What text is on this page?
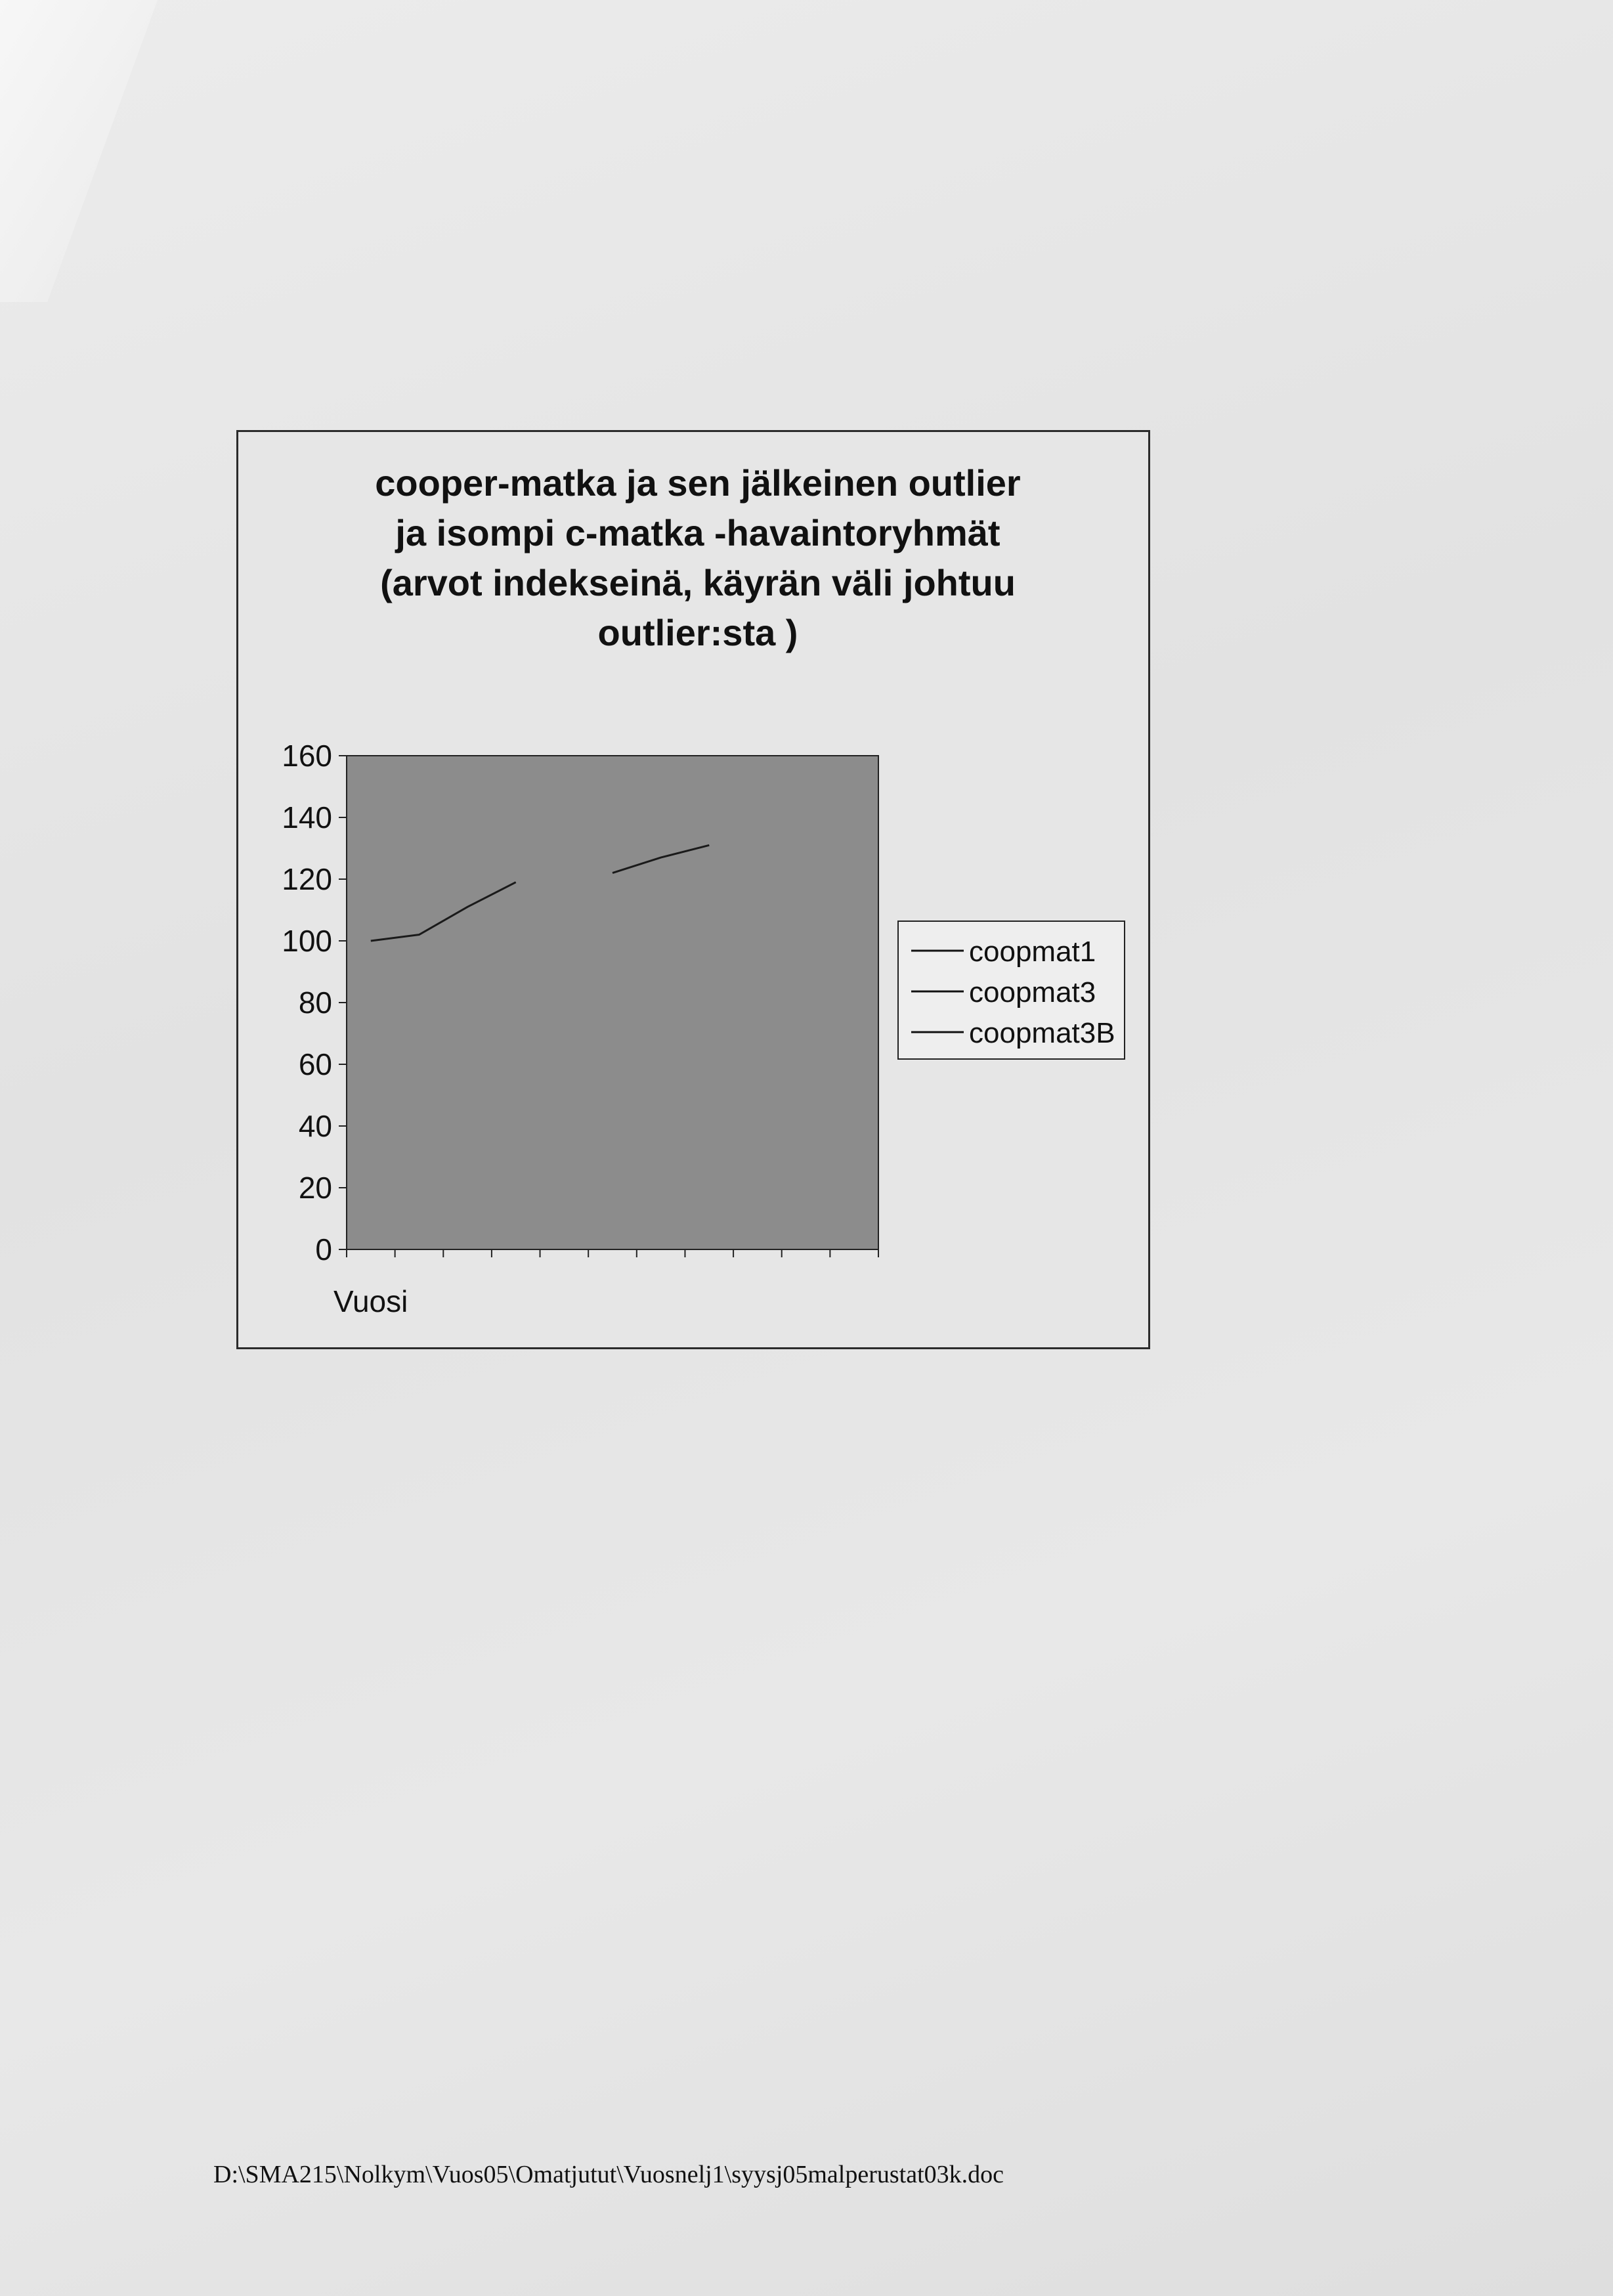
cooper-matka ja sen jälkeinen outlier
ja isompi c-matka -havaintoryhmät
(arvot indekseinä, käyrän väli johtuu
outlier:sta )
0
20
40
60
80
100
120
140
160
Vuosi
coopmat1
coopmat3
coopmat3B
D:\SMA215\Nolkym\Vuos05\Omatjutut\Vuosnelj1\syysj05malperustat03k.doc
